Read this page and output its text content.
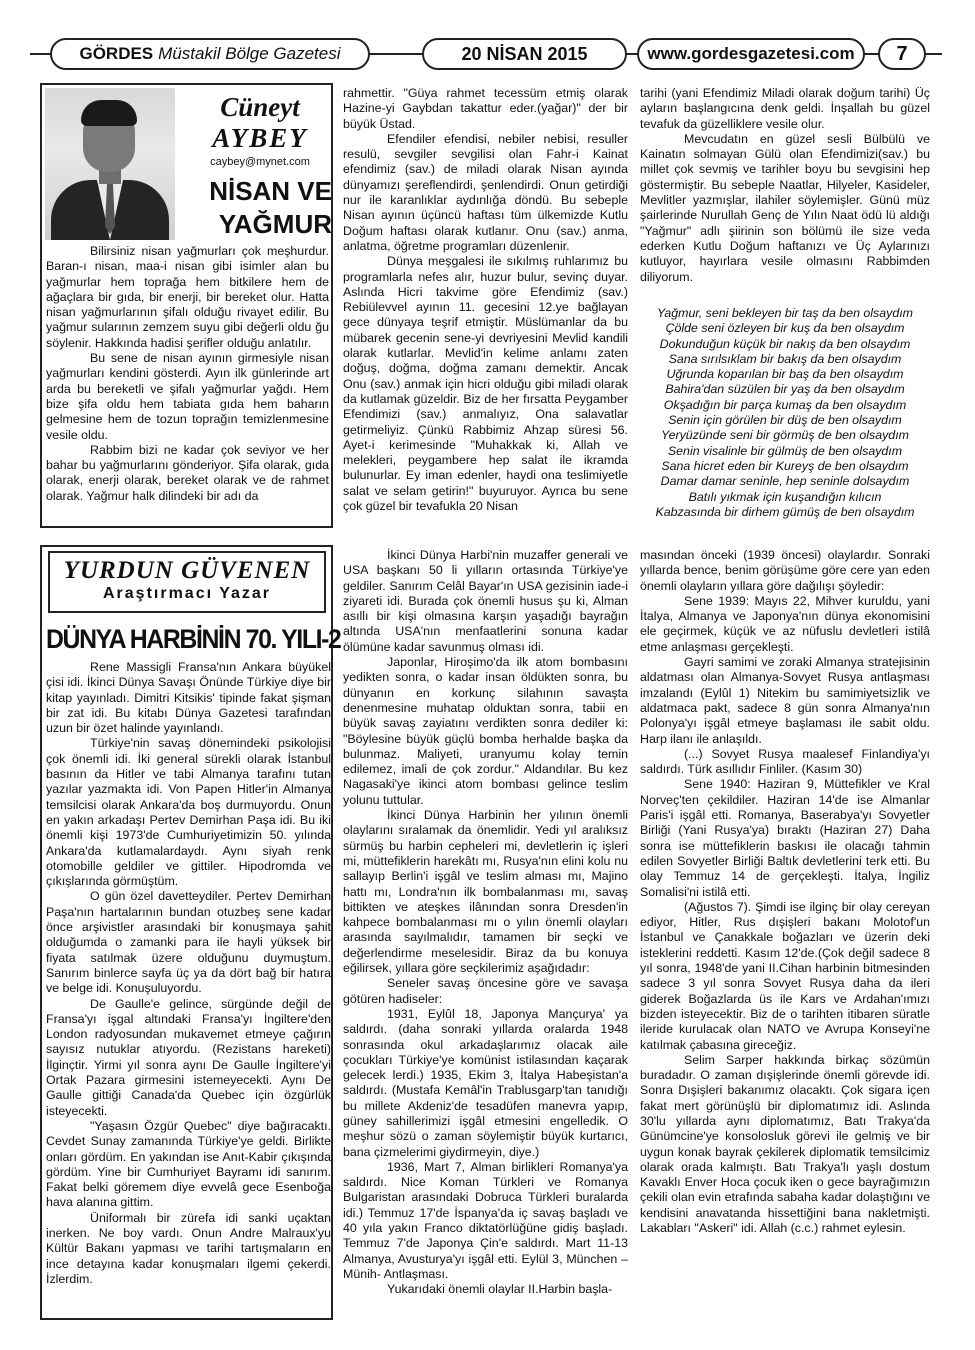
GÖRDES Müstakil Bölge Gazetesi	20 NİSAN 2015	www.gordesgazetesi.com	7
Cüneyt
AYBEY
caybey@mynet.com
NİSAN VE
YAĞMUR

Bilirsiniz nisan yağmurları çok meşhurdur. Baran-ı nisan, maa-i nisan gibi isimler alan bu yağmurlar hem toprağa hem bitkilere hem de ağaçlara bir gıda, bir enerji, bir bereket olur. Hatta nisan yağmurlarının şifalı olduğu rivayet edilir. Bu yağmur sularının zemzem suyu gibi değerli oldu ğu söylenir. Hakkında hadisi şerifler olduğu anlatılır.

Bu sene de nisan ayının girmesiyle nisan yağmurları kendini gösterdi. Ayın ilk günlerinde art arda bu bereketli ve şifalı yağmurlar yağdı. Hem bize şifa oldu hem tabiata gıda hem baharın gelmesine hem de tozun toprağın temizlenmesine vesile oldu.

Rabbim bizi ne kadar çok seviyor ve her bahar bu yağmurlarını gönderiyor. Şifa olarak, gıda olarak, enerji olarak, bereket olarak ve de rahmet olarak. Yağmur halk dilindeki bir adı da

rahmettir. "Güya rahmet tecessüm etmiş olarak Hazine-yi Gaybdan takattur eder.(yağar)" der bir büyük Üstad.

Efendiler efendisi, nebiler nebisi, resuller resulü, sevgiler sevgilisi olan Fahr-i Kainat efendimiz (sav.) de miladi olarak Nisan ayında dünyamızı şereflendirdi, şenlendirdi. Onun getirdiği nur ile karanlıklar aydınlığa döndü. Bu sebeple Nisan ayının üçüncü haftası tüm ülkemizde Kutlu Doğum haftası olarak kutlanır. Onu (sav.) anma, anlatma, öğretme programları düzenlenir.

Dünya meşgalesi ile sıkılmış ruhlarımız bu programlarla nefes alır, huzur bulur, sevinç duyar. Aslında Hicri takvime göre Efendimiz (sav.) Rebiülevvel ayının 11. gecesini 12.ye bağlayan gece dünyaya teşrif etmiştir. Müslümanlar da bu mübarek gecenin sene-yi devriyesini Mevlid kandili olarak kutlarlar. Mevlid'in kelime anlamı zaten doğuş, doğma, doğma zamanı demektir. Ancak Onu (sav.) anmak için hicri olduğu gibi miladi olarak da kutlamak güzeldir. Biz de her fırsatta Peygamber Efendimizi (sav.) anmalıyız, Ona salavatlar getirmeliyiz. Çünkü Rabbimiz Ahzap süresi 56. Ayet-i kerimesinde "Muhakkak ki, Allah ve melekleri, peygambere hep salat ile ikramda bulunurlar. Ey iman edenler, haydi ona teslimiyetle salat ve selam getirin!" buyuruyor. Ayrıca bu sene çok güzel bir tevafukla 20 Nisan

tarihi (yani Efendimiz Miladi olarak doğum tarihi) Üç ayların başlangıcına denk geldi. İnşallah bu güzel tevafuk da güzelliklere vesile olur.

Mevcudatın en güzel sesli Bülbülü ve Kainatın solmayan Gülü olan Efendimizi(sav.) bu millet çok sevmiş ve tarihler boyu bu sevgisini hep göstermiştir. Bu sebeple Naatlar, Hilyeler, Kasideler, Mevlitler yazmışlar, ilahiler söylemişler. Günü müz şairlerinde Nurullah Genç de Yılın Naat ödü lü aldığı "Yağmur" adlı şiirinin son bölümü ile size veda ederken Kutlu Doğum haftanızı ve Üç Aylarınızı kutluyor, hayırlara vesile olmasını Rabbimden diliyorum.

Yağmur, seni bekleyen bir taş da ben olsaydım
Çölde seni özleyen bir kuş da ben olsaydım
Dokunduğun küçük bir nakış da ben olsaydım
Sana sırılsıklam bir bakış da ben olsaydım
Uğrunda koparılan bir baş da ben olsaydım
Bahira'dan süzülen bir yaş da ben olsaydım
Okşadığın bir parça kumaş da ben olsaydım
Senin için görülen bir düş de ben olsaydım
Yeryüzünde seni bir görmüş de ben olsaydım
Senin visalinle bir gülmüş de ben olsaydım
Sana hicret eden bir Kureyş de ben olsaydım
Damar damar seninle, hep seninle dolsaydım
Batılı yıkmak için kuşandığın kılıcın
Kabzasında bir dirhem gümüş de ben olsaydım
YURDUN GÜVENEN
Araştırmacı Yazar
DÜNYA HARBİNİN 70. YILI-2

Rene Massigli Fransa'nın Ankara büyükel çisi idi. İkinci Dünya Savaşı Önünde Türkiye diye bir kitap yayınladı. Dimitri Kitsikis' tipinde fakat şişman bir zat idi. Bu kitabı Dünya Gazetesi tarafından uzun bir özet halinde yayınlandı.

Türkiye'nin savaş dönemindeki psikolojisi çok önemli idi. İki general sürekli olarak İstanbul basının da Hitler ve tabi Almanya tarafını tutan yazılar yazmakta idi. Von Papen Hitler'in Almanya temsilcisi olarak Ankara'da boş durmuyordu. Onun en yakın arkadaşı Pertev Demirhan Paşa idi. Bu iki önemli kişi 1973'de Cumhuriyetimizin 50. yılında Ankara'da kutlamalardaydı. Aynı siyah renk otomobille geldiler ve gittiler. Hipodromda ve çıkışlarında görmüştüm.

O gün özel davetteydiler. Pertev Demirhan Paşa'nın hartalarının bundan otuzbeş sene kadar önce arşivistler arasındaki bir konuşmaya şahit olduğumda o zamanki para ile hayli yüksek bir fiyata satılmak üzere olduğunu duymuştum. Sanırım binlerce sayfa üç ya da dört bağ bir hatıra ve belge idi. Konuşuluyordu.

De Gaulle'e gelince, sürgünde değil de Fransa'yı işgal altındaki Fransa'yı İngiltere'den London radyosundan mukavemet etmeye çağırın sayısız nutuklar atıyordu. (Rezistans hareketi) İlginçtir. Yirmi yıl sonra aynı De Gaulle İngiltere'yi Ortak Pazara girmesini istemeyecekti. Aynı De Gaulle gittiği Canada'da Quebec için özgürlük isteyecekti.

"Yaşasın Özgür Quebec" diye bağıracaktı. Cevdet Sunay zamanında Türkiye'ye geldi. Birlikte onları gördüm. En yakından ise Anıt-Kabir çıkışında gördüm. Yine bir Cumhuriyet Bayramı idi sanırım. Fakat belki göremem diye evvelâ gece Esenboğa hava alanına gittim.

Üniformalı bir zürefa idi sanki uçaktan inerken. Ne boy vardı. Onun Andre Malraux'yu Kültür Bakanı yapması ve tarihi tartışmaların en ince detayına kadar konuşmaları ilgemi çekerdi. İzlerdim.

İkinci Dünya Harbi'nin muzaffer generali ve USA başkanı 50 li yılların ortasında Türkiye'ye geldiler. Sanırım Celâl Bayar'ın USA gezisinin iade-i ziyareti idi. Burada çok önemli husus şu ki, Alman asıllı bir kişi olmasına karşın yaşadığı bayrağın altında USA'nın menfaatlerini sonuna kadar ölümüne kadar savunmuş olması idi.

Japonlar, Hiroşimo'da ilk atom bombasını yedikten sonra, o kadar insan öldükten sonra, bu dünyanın en korkunç silahının savaşta denenmesine muhatap olduktan sonra, tabii en büyük savaş zayiatını verdikten sonra dediler ki: "Böylesine büyük güçlü bomba herhalde başka da bulunmaz. Maliyeti, uranyumu kolay temin edilemez, imali de çok zordur." Aldandılar. Bu kez Nagasaki'ye ikinci atom bombası gelince teslim yolunu tuttular.

İkinci Dünya Harbinin her yılının önemli olaylarını sıralamak da önemlidir. Yedi yıl aralıksız sürmüş bu harbin cepheleri mi, devletlerin iç işleri mi, müttefiklerin harekâtı mı, Rusya'nın elini kolu nu sallayıp Berlin'i işgâl ve teslim alması mı, Majino hattı mı, Londra'nın ilk bombalanması mı, savaş bittikten ve ateşkes ilânından sonra Dresden'in kahpece bombalanması mı o yılın önemli olayları arasında sayılmalıdır, tamamen bir seçki ve değerlendirme meselesidir. Biraz da bu konuya eğilirsek, yıllara göre seçkilerimiz aşağıdadır:

Seneler savaş öncesine göre ve savaşa götüren hadiseler:

1931, Eylûl 18, Japonya Mançurya' ya saldırdı. (daha sonraki yıllarda oralarda 1948 sonrasında okul arkadaşlarımız olacak aile çocukları Türkiye'ye komünist istilasından kaçarak gelecek lerdi.) 1935, Ekim 3, İtalya Habeşistan'a saldırdı. (Mustafa Kemâl'in Trablusgarp'tan tanıdığı bu millete Akdeniz'de tesadüfen manevra yapıp, güney sahillerimizi işgâl etmesini engelledik. O meşhur sözü o zaman söylemiştir büyük kurtarıcı, bana çizmelerimi giydirmeyin, diye.)

1936, Mart 7, Alman birlikleri Romanya'ya saldırdı. Nice Koman Türkleri ve Romanya Bulgaristan arasındaki Dobruca Türkleri buralarda idi.) Temmuz 17'de İspanya'da iç savaş başladı ve 40 yıla yakın Franco diktatörlüğüne gidiş başladı. Temmuz 7'de Japonya Çin'e saldırdı. Mart 11-13 Almanya, Avusturya'yı işgâl etti. Eylül 3, München –Münih- Antlaşması.

Yukarıdaki önemli olaylar II.Harbin başla-

masından önceki (1939 öncesi) olaylardır. Sonraki yıllarda bence, benim görüşüme göre cere yan eden önemli olayların yıllara göre dağılışı şöyledir:

Sene 1939: Mayıs 22, Mihver kuruldu, yani İtalya, Almanya ve Japonya'nın dünya ekonomisini ele geçirmek, küçük ve az nüfuslu devletleri istilâ etme anlaşması gerçekleşti.

Gayri samimi ve zoraki Almanya stratejisinin aldatması olan Almanya-Sovyet Rusya antlaşması imzalandı (Eylûl 1) Nitekim bu samimiyetsizlik ve aldatmaca pakt, sadece 8 gün sonra Almanya'nın Polonya'yı işgâl etmeye başlaması ile sabit oldu. Harp ilanı ile anlaşıldı.

(...) Sovyet Rusya maalesef Finlandiya'yı saldırdı. Türk asıllıdır Finliler. (Kasım 30)

Sene 1940: Haziran 9, Müttefikler ve Kral Norveç'ten çekildiler. Haziran 14'de ise Almanlar Paris'i işgâl etti. Romanya, Baserabya'yı Sovyetler Birliği (Yani Rusya'ya) bıraktı (Haziran 27) Daha sonra ise müttefiklerin baskısı ile olacağı tahmin edilen Sovyetler Birliği Baltık devletlerini terk etti. Bu olay Temmuz 14 de gerçekleşti. İtalya, İngiliz Somalisi'ni istilâ etti.

(Ağustos 7). Şimdi ise ilginç bir olay cereyan ediyor, Hitler, Rus dışişleri bakanı Molotof'un İstanbul ve Çanakkale boğazları ve üzerin deki isteklerini reddetti. Kasım 12'de.(Çok değil sadece 8 yıl sonra, 1948'de yani II.Cihan harbinin bitmesinden sadece 3 yıl sonra Sovyet Rusya daha da ileri giderek Boğazlarda üs ile Kars ve Ardahan'ımızı bizden isteyecektir. Biz de o tarihten itibaren süratle ileride kurulacak olan NATO ve Avrupa Konseyi'ne katılmak çabasına gireceğiz.

Selim Sarper hakkında birkaç sözümün buradadır. O zaman dışişlerinde önemli görevde idi. Sonra Dışişleri bakanımız olacaktı. Çok sigara içen fakat mert görünüşlü bir diplomatımız idi. Aslında 30'lu yıllarda aynı diplomatımız, Batı Trakya'da Günümcine'ye konsolosluk görevi ile gelmiş ve bir uygun konak bayrak çekilerek diplomatik temsilcimiz olarak orada kalmıştı. Batı Trakya'lı yaşlı dostum Kavaklı Enver Hoca çocuk iken o gece bayrağımızın çekili olan evin etrafında sabaha kadar dolaştığını ve kendisini anavatanda hissettiğini bana nakletmişti. Lakabları "Askeri" idi. Allah (c.c.) rahmet eylesin.
